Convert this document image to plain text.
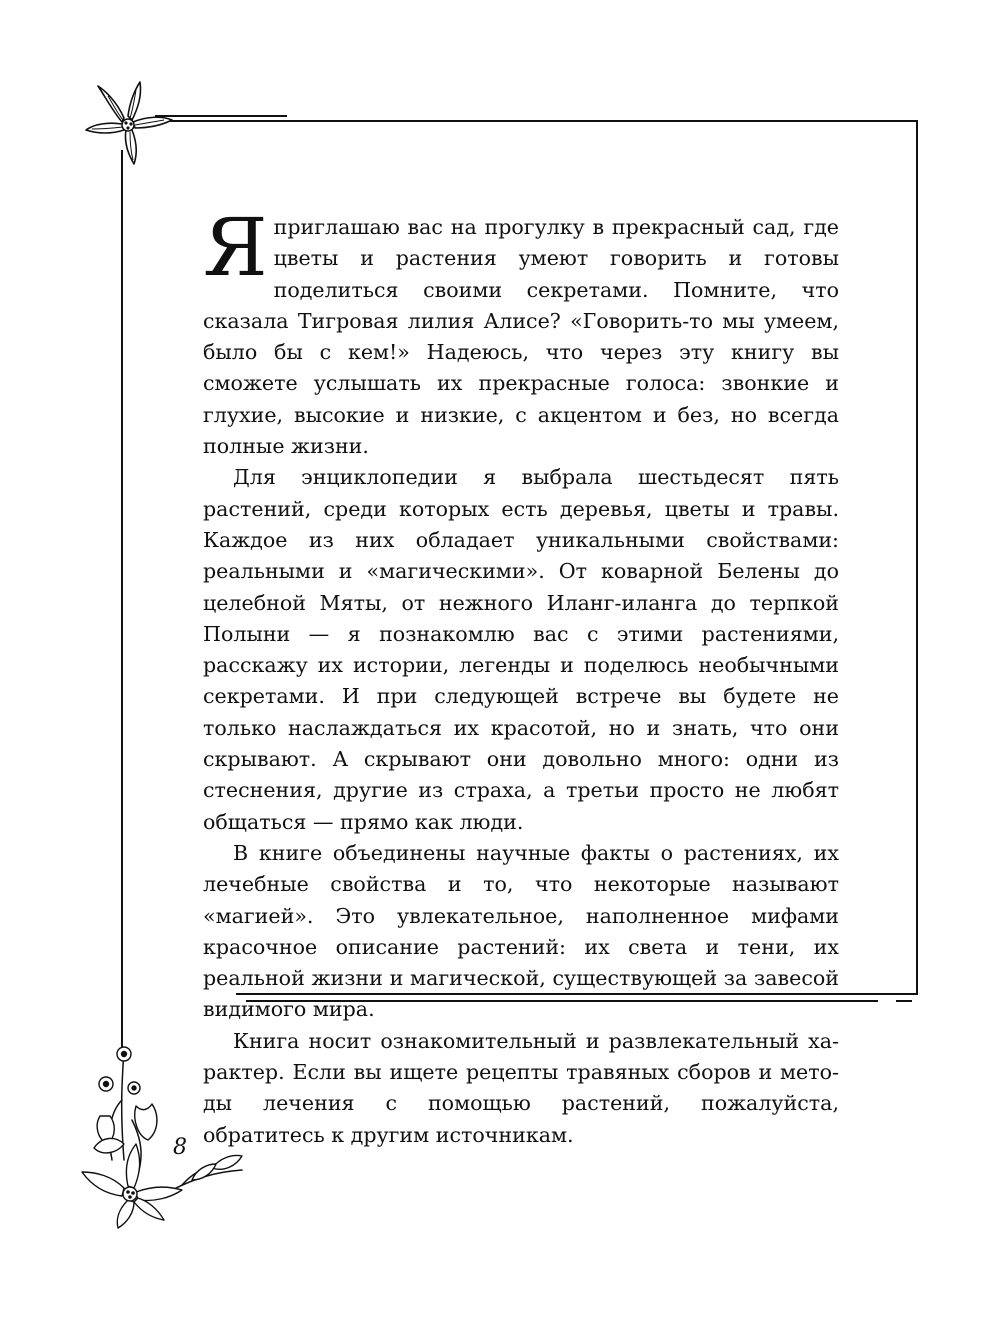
Яприглашаю вас на прогулку в прекрасный сад, где цветы и растения умеют говорить и готовы поделиться своими секретами. Помните, что сказала Тигровая лилия Алисе? «Говорить-то мы умеем, было бы с кем!» Надеюсь, что через эту книгу вы сможете услышать их прекрасные голоса: звонкие и глухие, высокие и низкие, с акцентом и без, но всегда полные жизни.

Для энциклопедии я выбрала шестьдесят пять растений, среди которых есть деревья, цветы и травы. Каждое из них обладает уникальными свойствами: реальными и «магическими». От коварной Белены до целебной Мяты, от нежного Иланг-иланга до терпкой Полыни — я познакомлю вас с этими растениями, расскажу их истории, легенды и поделюсь необычными секретами. И при следующей встрече вы будете не только наслаждаться их красотой, но и знать, что они скрывают. А скрывают они довольно много: одни из стеснения, другие из страха, а третьи просто не любят общаться — прямо как люди.

В книге объединены научные факты о растениях, их лечебные свойства и то, что некоторые называют «магией». Это увлекательное, наполненное мифами красочное описание растений: их света и тени, их реальной жизни и магической, существующей за завесой видимого мира.

Книга носит ознакомительный и развлекательный характер. Если вы ищете рецепты травяных сборов и методы лечения с помощью растений, пожалуйста, обратитесь к другим источникам.

8
